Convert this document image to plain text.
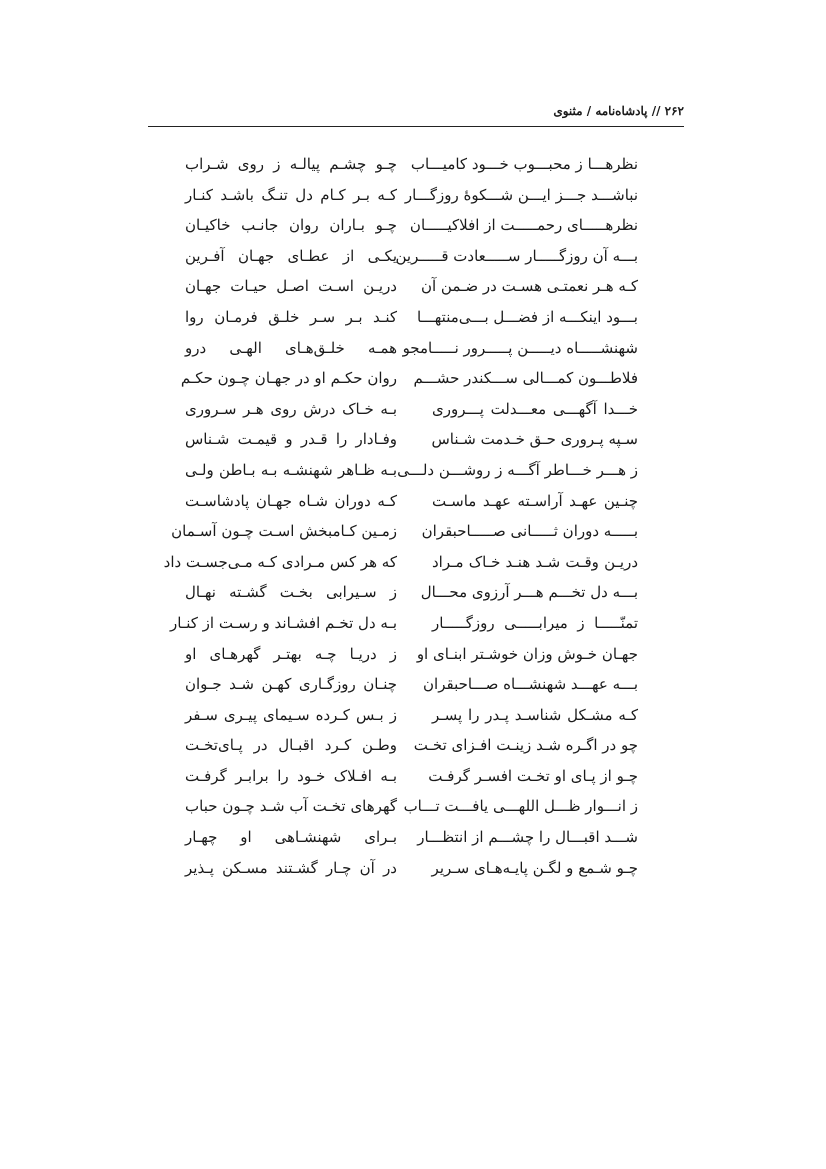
۲۶۲ // پادشاه‌نامه / مثنوی
نظرهـــا ز محبـــوب خـــود کامیـــاب
نباشـــد جـــز ایـــن شـــکوهٔ روزگـــار
نظرهـــــای رحمـــــت از افلاکیـــــان
بـــه آن روزگـــــار ســـــعادت قـــــرین
کـه هـر نعمتـی هسـت در ضـمن آن
بـــود اینکـــه از فضـــل بـــی‌منتهـــا
شهنشـــــاه دیـــــن پـــــرور نـــــامجو
فلاطـــون کمـــالی ســـکندر حشـــم
خـــدا آگهـــی معـــدلت پـــروری
سـپه پـروری حـق خـدمت شـناس
ز هـــر خـــاطر آگـــه ز روشـــن دلـــی
چنـین عهـد آراسـته عهـد ماسـت
بـــــه دوران ثـــــانی صـــــاحبقران
دریـن وقـت شـد هنـد خـاک مـراد
بـــه دل تخـــم هـــر آرزوی محـــال
تمنّـــــا ز میرابـــــی روزگـــــار
جهـان خـوش وزان خوشـتر ابنـای او
بـــه عهـــد شهنشـــاه صـــاحبقران
کـه مشـکل شناسـد پـدر را پسـر
چو در اگـره شـد زینـت افـزای تخـت
چـو از پـای او تخـت افسـر گرفـت
ز انـــوار ظـــل اللهـــی یافـــت تـــاب
شـــد اقبـــال را چشـــم از انتظـــار
چـو شـمع و لگـن پایـه‌هـای سـریر
چـو چشـم پیالـه ز روی شـراب
کـه بـر کـام دل تنـگ باشـد کنـار
چـو بـاران روان جانـب خاکیـان
یکـی از عطـای جهـان آفـرین
دریـن اسـت اصـل حیـات جهـان
کنـد بـر سـر خلـق فرمـان روا
همـه خلـق‌هـای الهـی درو
روان حکـم او در جهـان چـون حکـم
بـه خـاک درش روی هـر سـروری
وفـادار را قـدر و قیمـت شـناس
بـه ظـاهر شهنشـه بـه بـاطن ولـی
کـه دوران شـاه جهـان پادشاسـت
زمـین کـامبخش اسـت چـون آسـمان
که هر کس مـرادی کـه مـی‌جسـت داد
ز سـیرابی بخـت گشـته نهـال
بـه دل تخـم افشـاند و رسـت از کنـار
ز دریـا چـه بهتـر گهرهـای او
چنـان روزگـاری کهـن شـد جـوان
ز بـس کـرده سـیمای پیـری سـفر
وطـن کـرد اقبـال در پـای‌تخـت
بـه افـلاک خـود را برابـر گرفـت
گهرهای تخـت آب شـد چـون حباب
بـرای شهنشـاهی او چهـار
در آن چـار گشـتند مسـکن پـذیر
